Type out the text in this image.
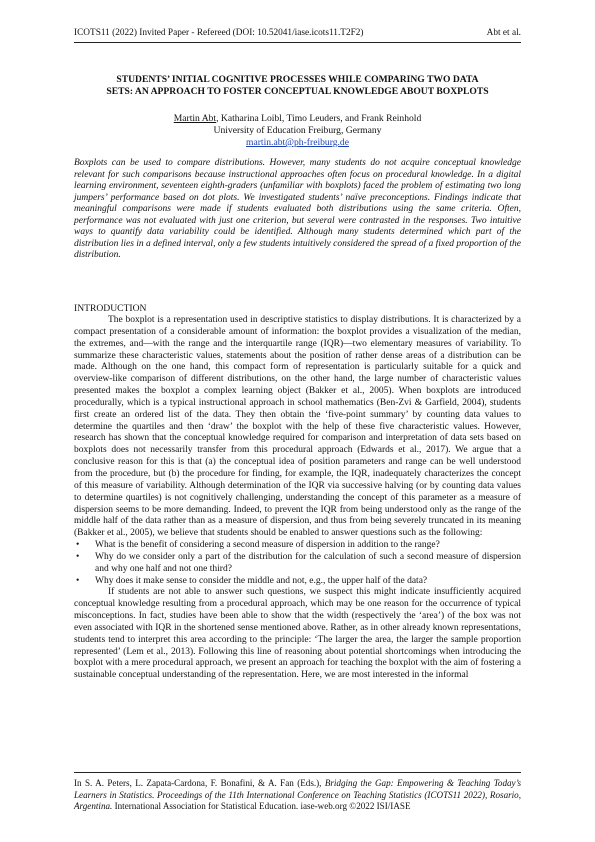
ICOTS11 (2022) Invited Paper - Refereed (DOI: 10.52041/iase.icots11.T2F2)	Abt et al.
STUDENTS’ INITIAL COGNITIVE PROCESSES WHILE COMPARING TWO DATA
SETS: AN APPROACH TO FOSTER CONCEPTUAL KNOWLEDGE ABOUT BOXPLOTS
Martin Abt, Katharina Loibl, Timo Leuders, and Frank Reinhold
University of Education Freiburg, Germany
martin.abt@ph-freiburg.de

Boxplots can be used to compare distributions. However, many students do not acquire conceptual knowledge relevant for such comparisons because instructional approaches often focus on procedural knowledge. In a digital learning environment, seventeen eighth-graders (unfamiliar with boxplots) faced the problem of estimating two long jumpers’ performance based on dot plots. We investigated students’ naïve preconceptions. Findings indicate that meaningful comparisons were made if students evaluated both distributions using the same criteria. Often, performance was not evaluated with just one criterion, but several were contrasted in the responses. Two intuitive ways to quantify data variability could be identified. Although many students determined which part of the distribution lies in a defined interval, only a few students intuitively considered the spread of a fixed proportion of the distribution.

INTRODUCTION

The boxplot is a representation used in descriptive statistics to display distributions. It is characterized by a compact presentation of a considerable amount of information: the boxplot provides a visualization of the median, the extremes, and—with the range and the interquartile range (IQR)—two elementary measures of variability. To summarize these characteristic values, statements about the position of rather dense areas of a distribution can be made. Although on the one hand, this compact form of representation is particularly suitable for a quick and overview-like comparison of different distributions, on the other hand, the large number of characteristic values presented makes the boxplot a complex learning object (Bakker et al., 2005). When boxplots are introduced procedurally, which is a typical instructional approach in school mathematics (Ben-Zvi & Garfield, 2004), students first create an ordered list of the data. They then obtain the ‘five-point summary’ by counting data values to determine the quartiles and then ‘draw’ the boxplot with the help of these five characteristic values. However, research has shown that the conceptual knowledge required for comparison and interpretation of data sets based on boxplots does not necessarily transfer from this procedural approach (Edwards et al., 2017). We argue that a conclusive reason for this is that (a) the conceptual idea of position parameters and range can be well understood from the procedure, but (b) the procedure for finding, for example, the IQR, inadequately characterizes the concept of this measure of variability. Although determination of the IQR via successive halving (or by counting data values to determine quartiles) is not cognitively challenging, understanding the concept of this parameter as a measure of dispersion seems to be more demanding. Indeed, to prevent the IQR from being understood only as the range of the middle half of the data rather than as a measure of dispersion, and thus from being severely truncated in its meaning (Bakker et al., 2005), we believe that students should be enabled to answer questions such as the following:

• What is the benefit of considering a second measure of dispersion in addition to the range?
• Why do we consider only a part of the distribution for the calculation of such a second measure of dispersion and why one half and not one third?
• Why does it make sense to consider the middle and not, e.g., the upper half of the data?

If students are not able to answer such questions, we suspect this might indicate insufficiently acquired conceptual knowledge resulting from a procedural approach, which may be one reason for the occurrence of typical misconceptions. In fact, studies have been able to show that the width (respectively the ‘area’) of the box was not even associated with IQR in the shortened sense mentioned above. Rather, as in other already known representations, students tend to interpret this area according to the principle: ‘The larger the area, the larger the sample proportion represented’ (Lem et al., 2013). Following this line of reasoning about potential shortcomings when introducing the boxplot with a mere procedural approach, we present an approach for teaching the boxplot with the aim of fostering a sustainable conceptual understanding of the representation. Here, we are most interested in the informal

In S. A. Peters, L. Zapata-Cardona, F. Bonafini, & A. Fan (Eds.), Bridging the Gap: Empowering & Teaching Today’s Learners in Statistics. Proceedings of the 11th International Conference on Teaching Statistics (ICOTS11 2022), Rosario, Argentina. International Association for Statistical Education. iase-web.org ©2022 ISI/IASE
